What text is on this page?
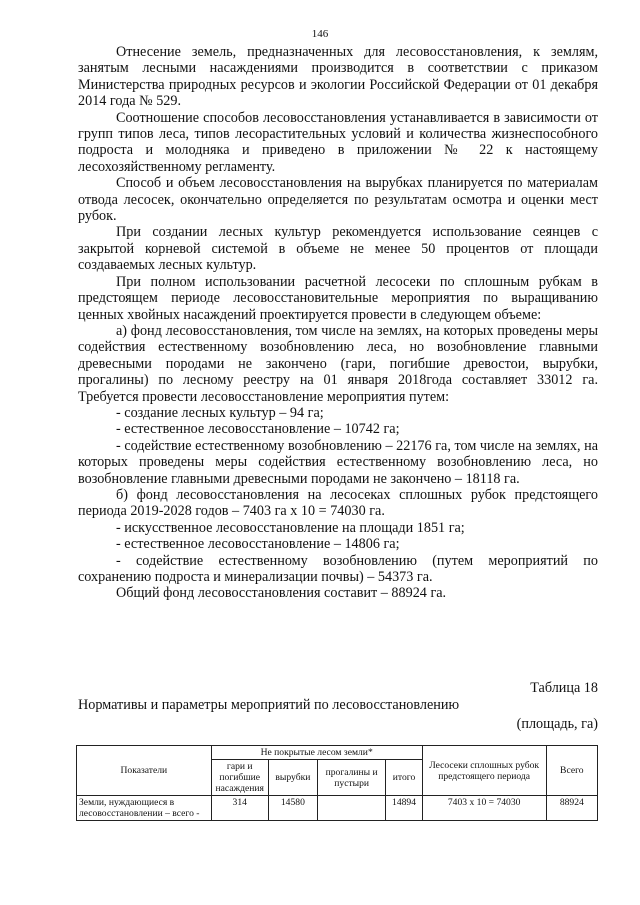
146

Отнесение земель, предназначенных для лесовосстановления, к землям, занятым лесными насаждениями производится в соответствии с приказом Министерства природных ресурсов и экологии Российской Федерации от 01 декабря 2014 года № 529.

Соотношение способов лесовосстановления устанавливается в зависимости от групп типов леса, типов лесорастительных условий и количества жизнеспособного подроста и молодняка и приведено в приложении № 22 к настоящему лесохозяйственному регламенту.

Способ и объем лесовосстановления на вырубках планируется по материалам отвода лесосек, окончательно определяется по результатам осмотра и оценки мест рубок.

При создании лесных культур рекомендуется использование сеянцев с закрытой корневой системой в объеме не менее 50 процентов от площади создаваемых лесных культур.

При полном использовании расчетной лесосеки по сплошным рубкам в предстоящем периоде лесовосстановительные мероприятия по выращиванию ценных хвойных насаждений проектируется провести в следующем объеме:

а) фонд лесовосстановления, том числе на землях, на которых проведены меры содействия естественному возобновлению леса, но возобновление главными древесными породами не закончено (гари, погибшие древостои, вырубки, прогалины) по лесному реестру на 01 января 2018года составляет 33012 га. Требуется провести лесовосстановление мероприятия путем:

- создание лесных культур – 94 га;

- естественное лесовосстановление – 10742 га;

- содействие естественному возобновлению – 22176 га, том числе на землях, на которых проведены меры содействия естественному возобновлению леса, но возобновление главными древесными породами не закончено – 18118 га.

б) фонд лесовосстановления на лесосеках сплошных рубок предстоящего периода 2019-2028 годов – 7403 га х 10 = 74030 га.

- искусственное лесовосстановление на площади 1851 га;

- естественное лесовосстановление – 14806 га;

- содействие естественному возобновлению (путем мероприятий по сохранению подроста и минерализации почвы) – 54373 га.

Общий фонд лесовосстановления составит – 88924 га.

Таблица 18
Нормативы и параметры мероприятий по лесовосстановлению
(площадь, га)
Показатели	Не покрытые лесом земли*				Лесосеки сплошных рубок предстоящего периода	Всего
	гари и погибшие насаждения	вырубки	прогалины и пустыри	итого		
Земли, нуждающиеся в лесовосстановлении – всего -	314	14580		14894	7403 х 10 = 74030	88924
